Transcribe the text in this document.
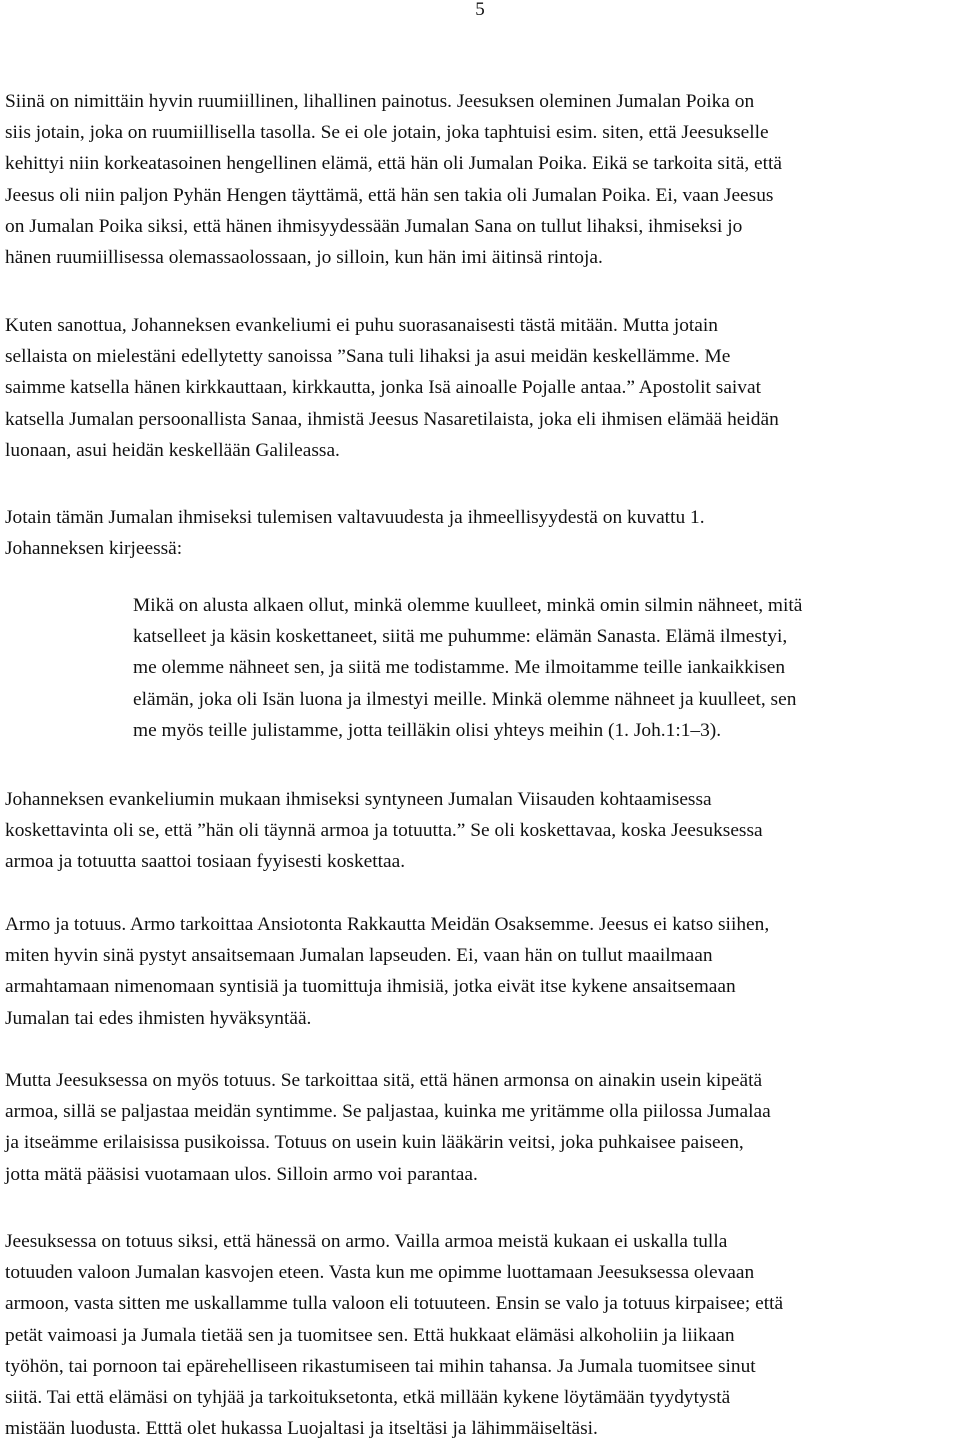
5
Siinä on nimittäin hyvin ruumiillinen, lihallinen painotus. Jeesuksen oleminen Jumalan Poika on
siis jotain, joka on ruumiillisella tasolla. Se ei ole jotain, joka taphtuisi esim. siten, että Jeesukselle
kehittyi niin korkeatasoinen hengellinen elämä, että hän oli Jumalan Poika. Eikä se tarkoita sitä, että
Jeesus oli niin paljon Pyhän Hengen täyttämä, että hän sen takia oli Jumalan Poika. Ei, vaan Jeesus
on Jumalan Poika siksi, että hänen ihmisyydessään Jumalan Sana on tullut lihaksi, ihmiseksi jo
hänen ruumiillisessa olemassaolossaan, jo silloin, kun hän imi äitinsä rintoja.
Kuten sanottua, Johanneksen evankeliumi ei puhu suorasanaisesti tästä mitään. Mutta jotain
sellaista on mielestäni edellytetty sanoissa ”Sana tuli lihaksi ja asui meidän keskellämme. Me
saimme katsella hänen kirkkauttaan, kirkkautta, jonka Isä ainoalle Pojalle antaa.” Apostolit saivat
katsella Jumalan persoonallista Sanaa, ihmistä Jeesus Nasaretilaista, joka eli ihmisen elämää heidän
luonaan, asui heidän keskellään Galileassa.
Jotain tämän Jumalan ihmiseksi tulemisen valtavuudesta ja ihmeellisyydestä on kuvattu 1.
Johanneksen kirjeessä:
Mikä on alusta alkaen ollut, minkä olemme kuulleet, minkä omin silmin nähneet, mitä
katselleet ja käsin koskettaneet, siitä me puhumme: elämän Sanasta. Elämä ilmestyi,
me olemme nähneet sen, ja siitä me todistamme. Me ilmoitamme teille iankaikkisen
elämän, joka oli Isän luona ja ilmestyi meille. Minkä olemme nähneet ja kuulleet, sen
me myös teille julistamme, jotta teilläkin olisi yhteys meihin (1. Joh.1:1–3).
Johanneksen evankeliumin mukaan ihmiseksi syntyneen Jumalan Viisauden kohtaamisessa
koskettavinta oli se, että ”hän oli täynnä armoa ja totuutta.” Se oli koskettavaa, koska Jeesuksessa
armoa ja totuutta saattoi tosiaan fyyisesti koskettaa.
Armo ja totuus. Armo tarkoittaa Ansiotonta Rakkautta Meidän Osaksemme. Jeesus ei katso siihen,
miten hyvin sinä pystyt ansaitsemaan Jumalan lapseuden. Ei, vaan hän on tullut maailmaan
armahtamaan nimenomaan syntisiä ja tuomittuja ihmisiä, jotka eivät itse kykene ansaitsemaan
Jumalan tai edes ihmisten hyväksyntää.
Mutta Jeesuksessa on myös totuus. Se tarkoittaa sitä, että hänen armonsa on ainakin usein kipeätä
armoa, sillä se paljastaa meidän syntimme. Se paljastaa, kuinka me yritämme olla piilossa Jumalaa
ja itseämme erilaisissa pusikoissa. Totuus on usein kuin lääkärin veitsi, joka puhkaisee paiseen,
jotta mätä pääsisi vuotamaan ulos. Silloin armo voi parantaa.
Jeesuksessa on totuus siksi, että hänessä on armo. Vailla armoa meistä kukaan ei uskalla tulla
totuuden valoon Jumalan kasvojen eteen. Vasta kun me opimme luottamaan Jeesuksessa olevaan
armoon, vasta sitten me uskallamme tulla valoon eli totuuteen. Ensin se valo ja totuus kirpaisee; että
petät vaimoasi ja Jumala tietää sen ja tuomitsee sen. Että hukkaat elämäsi alkoholiin ja liikaan
työhön, tai pornoon tai epärehelliseen rikastumiseen tai mihin tahansa. Ja Jumala tuomitsee sinut
siitä. Tai että elämäsi on tyhjää ja tarkoituksetonta, etkä millään kykene löytämään tyydytystä
mistään luodusta. Etttä olet hukassa Luojaltasi ja itseltäsi ja lähimmäiseltäsi.
